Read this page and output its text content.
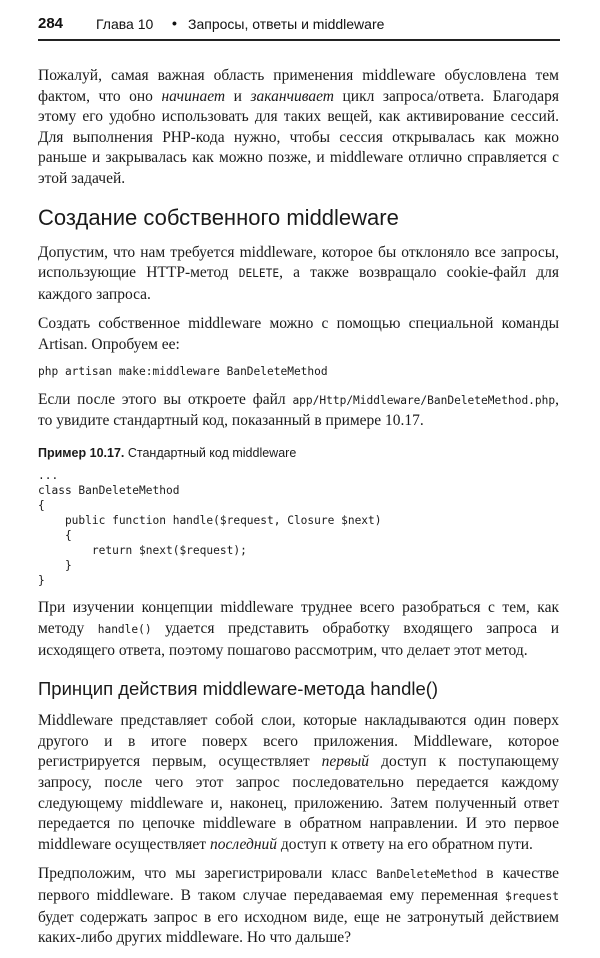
284 Глава 10 • Запросы, ответы и middleware

Пожалуй, самая важная область применения middleware обусловлена тем фактом, что оно начинает и заканчивает цикл запроса/ответа. Благодаря этому его удобно использовать для таких вещей, как активирование сессий. Для выполнения PHP-кода нужно, чтобы сессия открывалась как можно раньше и закрывалась как можно позже, и middleware отлично справляется с этой задачей.

Создание собственного middleware

Допустим, что нам требуется middleware, которое бы отклоняло все запросы, использующие HTTP-метод DELETE, а также возвращало cookie-файл для каждого запроса.

Создать собственное middleware можно с помощью специальной команды Artisan. Опробуем ее:

php artisan make:middleware BanDeleteMethod

Если после этого вы откроете файл app/Http/Middleware/BanDeleteMethod.php, то увидите стандартный код, показанный в примере 10.17.

Пример 10.17. Стандартный код middleware
...
class BanDeleteMethod
{
public function handle($request, Closure $next)
{
return $next($request);
}
}

При изучении концепции middleware труднее всего разобраться с тем, как методу handle() удается представить обработку входящего запроса и исходящего ответа, поэтому пошагово рассмотрим, что делает этот метод.

Принцип действия middleware-метода handle()

Middleware представляет собой слои, которые накладываются один поверх другого и в итоге поверх всего приложения. Middleware, которое регистрируется первым, осуществляет первый доступ к поступающему запросу, после чего этот запрос последовательно передается каждому следующему middleware и, наконец, приложению. Затем полученный ответ передается по цепочке middleware в обратном направлении. И это первое middleware осуществляет последний доступ к ответу на его обратном пути.

Предположим, что мы зарегистрировали класс BanDeleteMethod в качестве первого middleware. В таком случае передаваемая ему переменная $request будет содержать запрос в его исходном виде, еще не затронутый действием каких-либо других middleware. Но что дальше?
